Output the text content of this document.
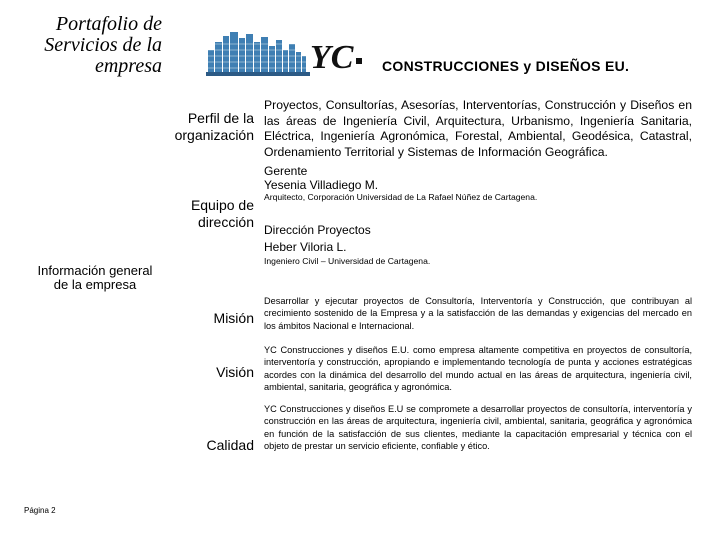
Portafolio de
Servicios de la
empresa	YC CONSTRUCCIONES y DISEÑOS EU.
Perfil de la
organización
Proyectos, Consultorías, Asesorías, Interventorías, Construcción y Diseños en las áreas de Ingeniería Civil, Arquitectura, Urbanismo, Ingeniería Sanitaria, Eléctrica, Ingeniería Agronómica, Forestal, Ambiental, Geodésica, Catastral, Ordenamiento Territorial y Sistemas de Información Geográfica.
Gerente
Yesenia Villadiego M.
Arquitecto, Corporación Universidad de La Rafael Núñez de Cartagena.
Equipo de
dirección Dirección Proyectos
Heber Viloria L.
Ingeniero Civil – Universidad de Cartagena.
Información general
de la empresa
Misión
Desarrollar y ejecutar proyectos de Consultoría, Interventoría y Construcción, que contribuyan al crecimiento sostenido de la Empresa y a la satisfacción de las demandas y exigencias del mercado en los ámbitos Nacional e Internacional.
Visión
YC Construcciones y diseños E.U. como empresa altamente competitiva en proyectos de consultoría, interventoría y construcción, apropiando e implementando tecnología de punta y acciones estratégicas acordes con la dinámica del desarrollo del mundo actual en las áreas de arquitectura, ingeniería civil, ambiental, sanitaria, geográfica y agronómica.
Calidad
YC Construcciones y diseños E.U se compromete a desarrollar proyectos de consultoría, interventoría y construcción en las áreas de arquitectura, ingeniería civil, ambiental, sanitaria, geográfica y agronómica en función de la satisfacción de sus clientes, mediante la capacitación empresarial y técnica con el objeto de prestar un servicio eficiente, confiable y ético.
Página 2
